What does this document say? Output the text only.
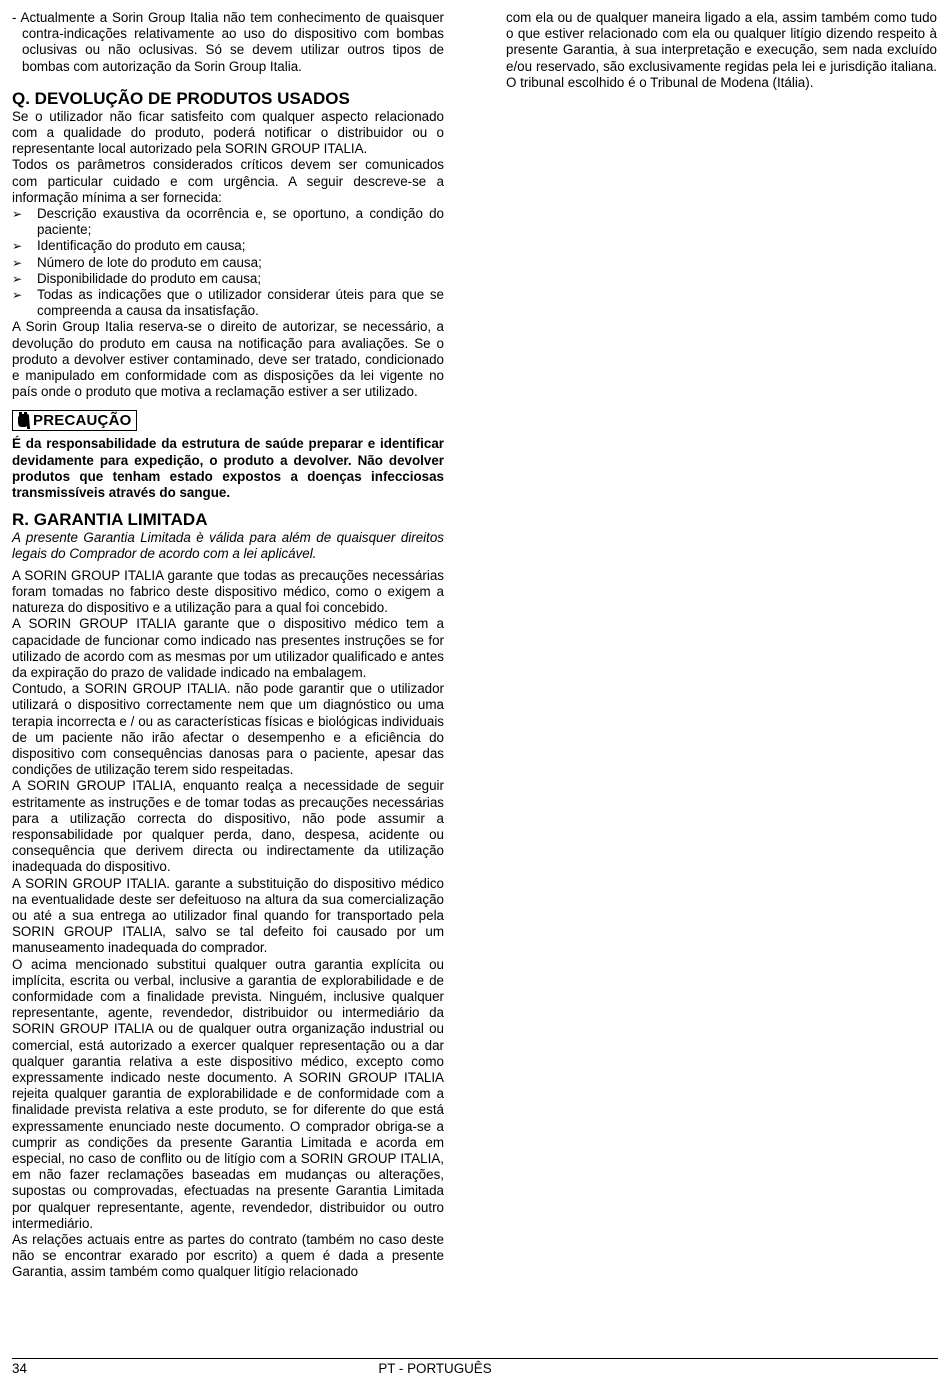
- Actualmente a Sorin Group Italia não tem conhecimento de quaisquer contra-indicações relativamente ao uso do dispositivo com bombas oclusivas ou não oclusivas. Só se devem utilizar outros tipos de bombas com autorização da Sorin Group Italia.

Q. DEVOLUÇÃO DE PRODUTOS USADOS

Se o utilizador não ficar satisfeito com qualquer aspecto relacionado com a qualidade do produto, poderá notificar o distribuidor ou o representante local autorizado pela SORIN GROUP ITALIA.

Todos os parâmetros considerados críticos devem ser comunicados com particular cuidado e com urgência. A seguir descreve-se a informação mínima a ser fornecida:

➢ Descrição exaustiva da ocorrência e, se oportuno, a condição do paciente;
➢ Identificação do produto em causa;
➢ Número de lote do produto em causa;
➢ Disponibilidade do produto em causa;
➢ Todas as indicações que o utilizador considerar úteis para que se compreenda a causa da insatisfação.

A Sorin Group Italia reserva-se o direito de autorizar, se necessário, a devolução do produto em causa na notificação para avaliações. Se o produto a devolver estiver contaminado, deve ser tratado, condicionado e manipulado em conformidade com as disposições da lei vigente no país onde o produto que motiva a reclamação estiver a ser utilizado.

PRECAUÇÃO

É da responsabilidade da estrutura de saúde preparar e identificar devidamente para expedição, o produto a devolver. Não devolver produtos que tenham estado expostos a doenças infecciosas transmissíveis através do sangue.

R. GARANTIA LIMITADA

A presente Garantia Limitada è válida para além de quaisquer direitos legais do Comprador de acordo com a lei aplicável.

A SORIN GROUP ITALIA garante que todas as precauções necessárias foram tomadas no fabrico deste dispositivo médico, como o exigem a natureza do dispositivo e a utilização para a qual foi concebido.

A SORIN GROUP ITALIA garante que o dispositivo médico tem a capacidade de funcionar como indicado nas presentes instruções se for utilizado de acordo com as mesmas por um utilizador qualificado e antes da expiração do prazo de validade indicado na embalagem.

Contudo, a SORIN GROUP ITALIA. não pode garantir que o utilizador utilizará o dispositivo correctamente nem que um diagnóstico ou uma terapia incorrecta e / ou as características físicas e biológicas individuais de um paciente não irão afectar o desempenho e a eficiência do dispositivo com consequências danosas para o paciente, apesar das condições de utilização terem sido respeitadas.

A SORIN GROUP ITALIA, enquanto realça a necessidade de seguir estritamente as instruções e de tomar todas as precauções necessárias para a utilização correcta do dispositivo, não pode assumir a responsabilidade por qualquer perda, dano, despesa, acidente ou consequência que derivem directa ou indirectamente da utilização inadequada do dispositivo.

A SORIN GROUP ITALIA. garante a substituição do dispositivo médico na eventualidade deste ser defeituoso na altura da sua comercialização ou até a sua entrega ao utilizador final quando for transportado pela SORIN GROUP ITALIA, salvo se tal defeito foi causado por um manuseamento inadequada do comprador.

O acima mencionado substitui qualquer outra garantia explícita ou implícita, escrita ou verbal, inclusive a garantia de explorabilidade e de conformidade com a finalidade prevista. Ninguém, inclusive qualquer representante, agente, revendedor, distribuidor ou intermediário da SORIN GROUP ITALIA ou de qualquer outra organização industrial ou comercial, está autorizado a exercer qualquer representação ou a dar qualquer garantia relativa a este dispositivo médico, excepto como expressamente indicado neste documento. A SORIN GROUP ITALIA rejeita qualquer garantia de explorabilidade e de conformidade com a finalidade prevista relativa a este produto, se for diferente do que está expressamente enunciado neste documento. O comprador obriga-se a cumprir as condições da presente Garantia Limitada e acorda em especial, no caso de conflito ou de litígio com a SORIN GROUP ITALIA, em não fazer reclamações baseadas em mudanças ou alterações, supostas ou comprovadas, efectuadas na presente Garantia Limitada por qualquer representante, agente, revendedor, distribuidor ou outro intermediário.

As relações actuais entre as partes do contrato (também no caso deste não se encontrar exarado por escrito) a quem é dada a presente Garantia, assim também como qualquer litígio relacionado

com ela ou de qualquer maneira ligado a ela, assim também como tudo o que estiver relacionado com ela ou qualquer litígio dizendo respeito à presente Garantia, à sua interpretação e execução, sem nada excluído e/ou reservado, são exclusivamente regidas pela lei e jurisdição italiana. O tribunal escolhido é o Tribunal de Modena (Itália).

34	PT - PORTUGUÊS
